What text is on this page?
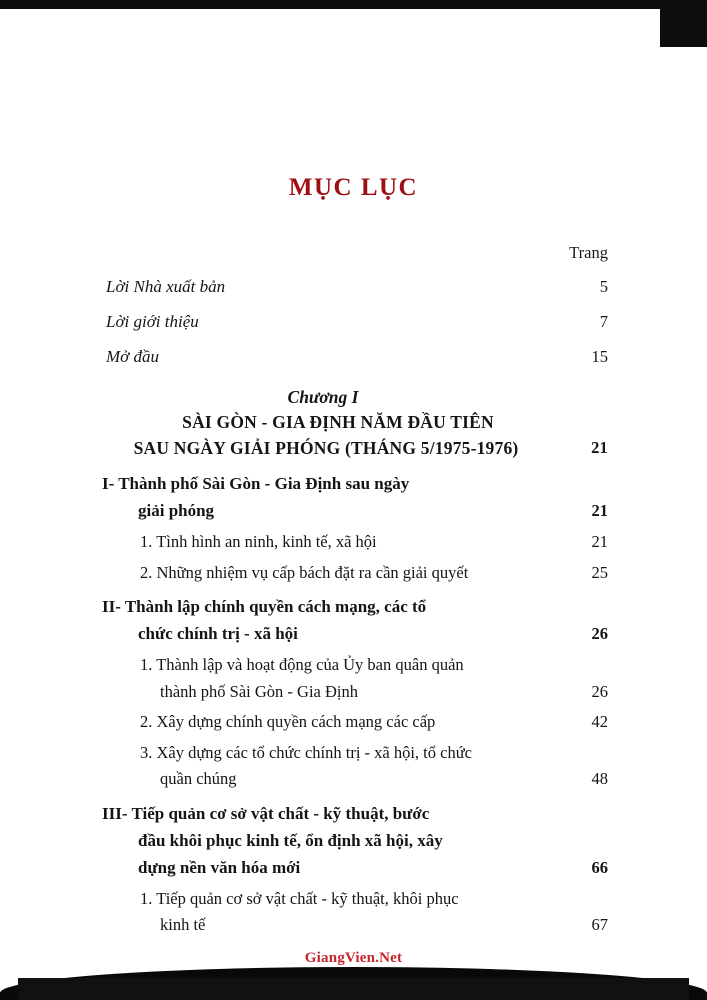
MỤC LỤC
Trang
Lời Nhà xuất bản	5
Lời giới thiệu	7
Mở đầu	15
Chương I
SÀI GÒN - GIA ĐỊNH NĂM ĐẦU TIÊN
SAU NGÀY GIẢI PHÓNG (THÁNG 5/1975-1976)	21
I- Thành phố Sài Gòn - Gia Định sau ngày
giải phóng	21
1. Tình hình an ninh, kinh tế, xã hội	21
2. Những nhiệm vụ cấp bách đặt ra cần giải quyết	25
II- Thành lập chính quyền cách mạng, các tổ
chức chính trị - xã hội	26
1. Thành lập và hoạt động của Ủy ban quân quản
thành phố Sài Gòn - Gia Định	26
2. Xây dựng chính quyền cách mạng các cấp	42
3. Xây dựng các tổ chức chính trị - xã hội, tổ chức
quần chúng	48
III- Tiếp quản cơ sở vật chất - kỹ thuật, bước
đầu khôi phục kinh tế, ổn định xã hội, xây
dựng nền văn hóa mới	66
1. Tiếp quản cơ sở vật chất - kỹ thuật, khôi phục
kinh tế	67
GiangVien.Net
